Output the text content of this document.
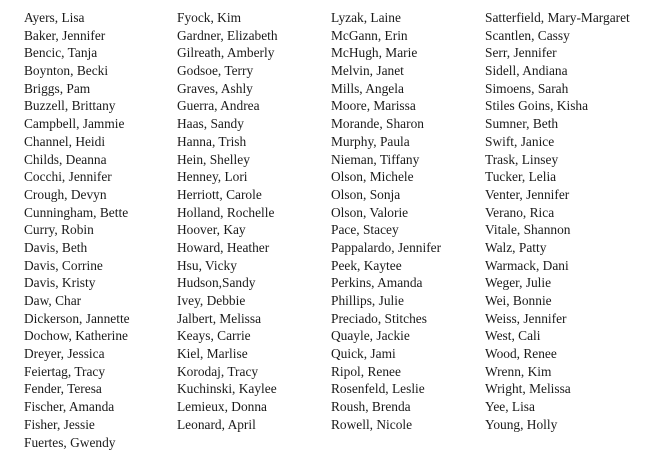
Ayers, Lisa
Baker, Jennifer
Bencic, Tanja
Boynton, Becki
Briggs, Pam
Buzzell, Brittany
Campbell, Jammie
Channel, Heidi
Childs, Deanna
Cocchi, Jennifer
Crough, Devyn
Cunningham, Bette
Curry, Robin
Davis, Beth
Davis, Corrine
Davis, Kristy
Daw, Char
Dickerson, Jannette
Dochow, Katherine
Dreyer, Jessica
Feiertag, Tracy
Fender, Teresa
Fischer, Amanda
Fisher, Jessie
Fuertes, Gwendy
Fyock, Kim
Gardner, Elizabeth
Gilreath, Amberly
Godsoe, Terry
Graves, Ashly
Guerra, Andrea
Haas, Sandy
Hanna, Trish
Hein, Shelley
Henney, Lori
Herriott, Carole
Holland, Rochelle
Hoover, Kay
Howard, Heather
Hsu, Vicky
Hudson,Sandy
Ivey, Debbie
Jalbert, Melissa
Keays, Carrie
Kiel, Marlise
Korodaj, Tracy
Kuchinski, Kaylee
Lemieux, Donna
Leonard, April
Lyzak, Laine
McGann, Erin
McHugh, Marie
Melvin, Janet
Mills, Angela
Moore, Marissa
Morande, Sharon
Murphy, Paula
Nieman, Tiffany
Olson, Michele
Olson, Sonja
Olson, Valorie
Pace, Stacey
Pappalardo, Jennifer
Peek, Kaytee
Perkins, Amanda
Phillips, Julie
Preciado, Stitches
Quayle, Jackie
Quick, Jami
Ripol, Renee
Rosenfeld, Leslie
Roush, Brenda
Rowell, Nicole
Satterfield, Mary-Margaret
Scantlen, Cassy
Serr, Jennifer
Sidell, Andiana
Simoens, Sarah
Stiles Goins, Kisha
Sumner, Beth
Swift, Janice
Trask, Linsey
Tucker, Lelia
Venter, Jennifer
Verano, Rica
Vitale, Shannon
Walz, Patty
Warmack, Dani
Weger, Julie
Wei, Bonnie
Weiss, Jennifer
West, Cali
Wood, Renee
Wrenn, Kim
Wright, Melissa
Yee, Lisa
Young, Holly
